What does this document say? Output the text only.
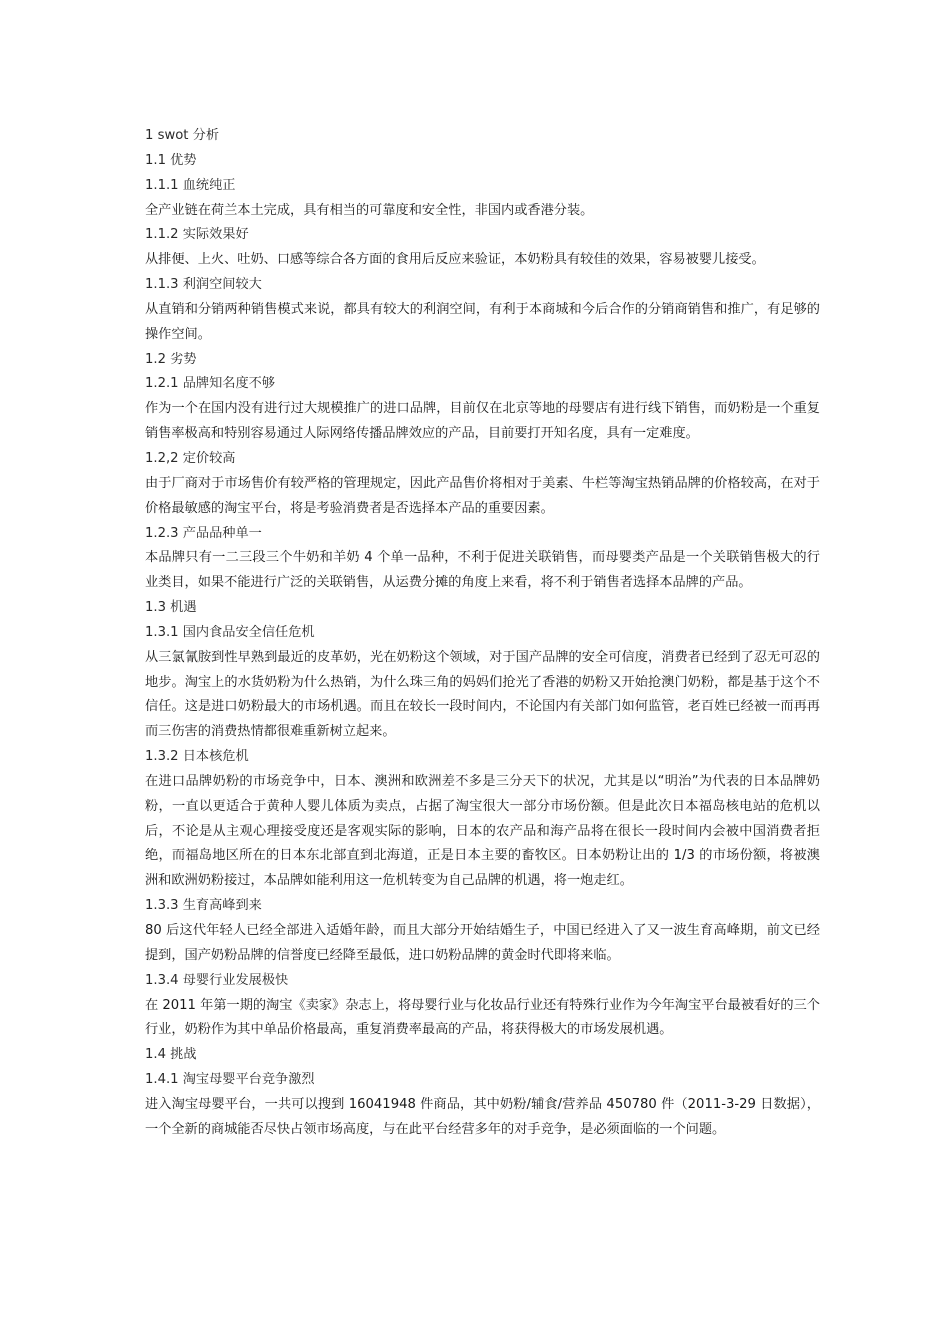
1 swot 分析

1.1 优势

1.1.1 血统纯正

全产业链在荷兰本土完成，具有相当的可靠度和安全性，非国内或香港分装。

1.1.2 实际效果好

从排便、上火、吐奶、口感等综合各方面的食用后反应来验证，本奶粉具有较佳的效果，容易被婴儿接受。

1.1.3 利润空间较大

从直销和分销两种销售模式来说，都具有较大的利润空间，有利于本商城和今后合作的分销商销售和推广，有足够的操作空间。

1.2 劣势

1.2.1 品牌知名度不够

作为一个在国内没有进行过大规模推广的进口品牌，目前仅在北京等地的母婴店有进行线下销售，而奶粉是一个重复销售率极高和特别容易通过人际网络传播品牌效应的产品，目前要打开知名度，具有一定难度。

1.2,2 定价较高

由于厂商对于市场售价有较严格的管理规定，因此产品售价将相对于美素、牛栏等淘宝热销品牌的价格较高，在对于价格最敏感的淘宝平台，将是考验消费者是否选择本产品的重要因素。

1.2.3 产品品种单一

本品牌只有一二三段三个牛奶和羊奶 4 个单一品种，不利于促进关联销售，而母婴类产品是一个关联销售极大的行业类目，如果不能进行广泛的关联销售，从运费分摊的角度上来看，将不利于销售者选择本品牌的产品。

1.3 机遇

1.3.1 国内食品安全信任危机

从三氯氰胺到性早熟到最近的皮革奶，光在奶粉这个领域，对于国产品牌的安全可信度，消费者已经到了忍无可忍的地步。淘宝上的水货奶粉为什么热销，为什么珠三角的妈妈们抢光了香港的奶粉又开始抢澳门奶粉，都是基于这个不信任。这是进口奶粉最大的市场机遇。而且在较长一段时间内，不论国内有关部门如何监管，老百姓已经被一而再再而三伤害的消费热情都很难重新树立起来。

1.3.2 日本核危机

在进口品牌奶粉的市场竞争中，日本、澳洲和欧洲差不多是三分天下的状况，尤其是以“明治”为代表的日本品牌奶粉，一直以更适合于黄种人婴儿体质为卖点，占据了淘宝很大一部分市场份额。但是此次日本福岛核电站的危机以后，不论是从主观心理接受度还是客观实际的影响，日本的农产品和海产品将在很长一段时间内会被中国消费者拒绝，而福岛地区所在的日本东北部直到北海道，正是日本主要的畜牧区。日本奶粉让出的 1/3 的市场份额，将被澳洲和欧洲奶粉接过，本品牌如能利用这一危机转变为自己品牌的机遇，将一炮走红。

1.3.3 生育高峰到来

80 后这代年轻人已经全部进入适婚年龄，而且大部分开始结婚生子，中国已经进入了又一波生育高峰期，前文已经提到，国产奶粉品牌的信誉度已经降至最低，进口奶粉品牌的黄金时代即将来临。

1.3.4 母婴行业发展极快

在 2011 年第一期的淘宝《卖家》杂志上，将母婴行业与化妆品行业还有特殊行业作为今年淘宝平台最被看好的三个行业，奶粉作为其中单品价格最高，重复消费率最高的产品，将获得极大的市场发展机遇。

1.4 挑战

1.4.1 淘宝母婴平台竞争激烈

进入淘宝母婴平台，一共可以搜到 16041948 件商品，其中奶粉/辅食/营养品 450780 件（2011-3-29 日数据），一个全新的商城能否尽快占领市场高度，与在此平台经营多年的对手竞争，是必须面临的一个问题。
